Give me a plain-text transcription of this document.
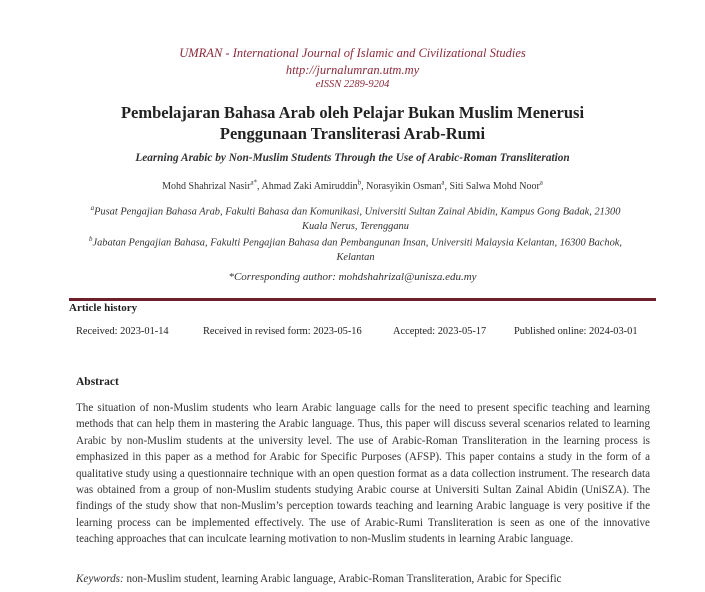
UMRAN - International Journal of Islamic and Civilizational Studies
http://jurnalumran.utm.my
eISSN 2289-9204
Pembelajaran Bahasa Arab oleh Pelajar Bukan Muslim Menerusi
Penggunaan Transliterasi Arab-Rumi
Learning Arabic by Non-Muslim Students Through the Use of Arabic-Roman Transliteration
Mohd Shahrizal Nasir$^{a*}$, Ahmad Zaki Amiruddin$^b$, Norasyikin Osman$^a$, Siti Salwa Mohd Noor$^a$
$^a$Pusat Pengajian Bahasa Arab, Fakulti Bahasa dan Komunikasi, Universiti Sultan Zainal Abidin, Kampus Gong Badak, 21300 Kuala Nerus, Terengganu
$^b$Jabatan Pengajian Bahasa, Fakulti Pengajian Bahasa dan Pembangunan Insan, Universiti Malaysia Kelantan, 16300 Bachok, Kelantan
*Corresponding author: mohdshahrizal@unisza.edu.my
Article history
Received: 2023-01-14	Received in revised form: 2023-05-16	Accepted: 2023-05-17	Published online: 2024-03-01
Abstract
The situation of non-Muslim students who learn Arabic language calls for the need to present specific teaching and learning methods that can help them in mastering the Arabic language. Thus, this paper will discuss several scenarios related to learning Arabic by non-Muslim students at the university level. The use of Arabic-Roman Transliteration in the learning process is emphasized in this paper as a method for Arabic for Specific Purposes (AFSP). This paper contains a study in the form of a qualitative study using a questionnaire technique with an open question format as a data collection instrument. The research data was obtained from a group of non-Muslim students studying Arabic course at Universiti Sultan Zainal Abidin (UniSZA). The findings of the study show that non-Muslim’s perception towards teaching and learning Arabic language is very positive if the learning process can be implemented effectively. The use of Arabic-Rumi Transliteration is seen as one of the innovative teaching approaches that can inculcate learning motivation to non-Muslim students in learning Arabic language.
Keywords: non-Muslim student, learning Arabic language, Arabic-Roman Transliteration, Arabic for Specific
